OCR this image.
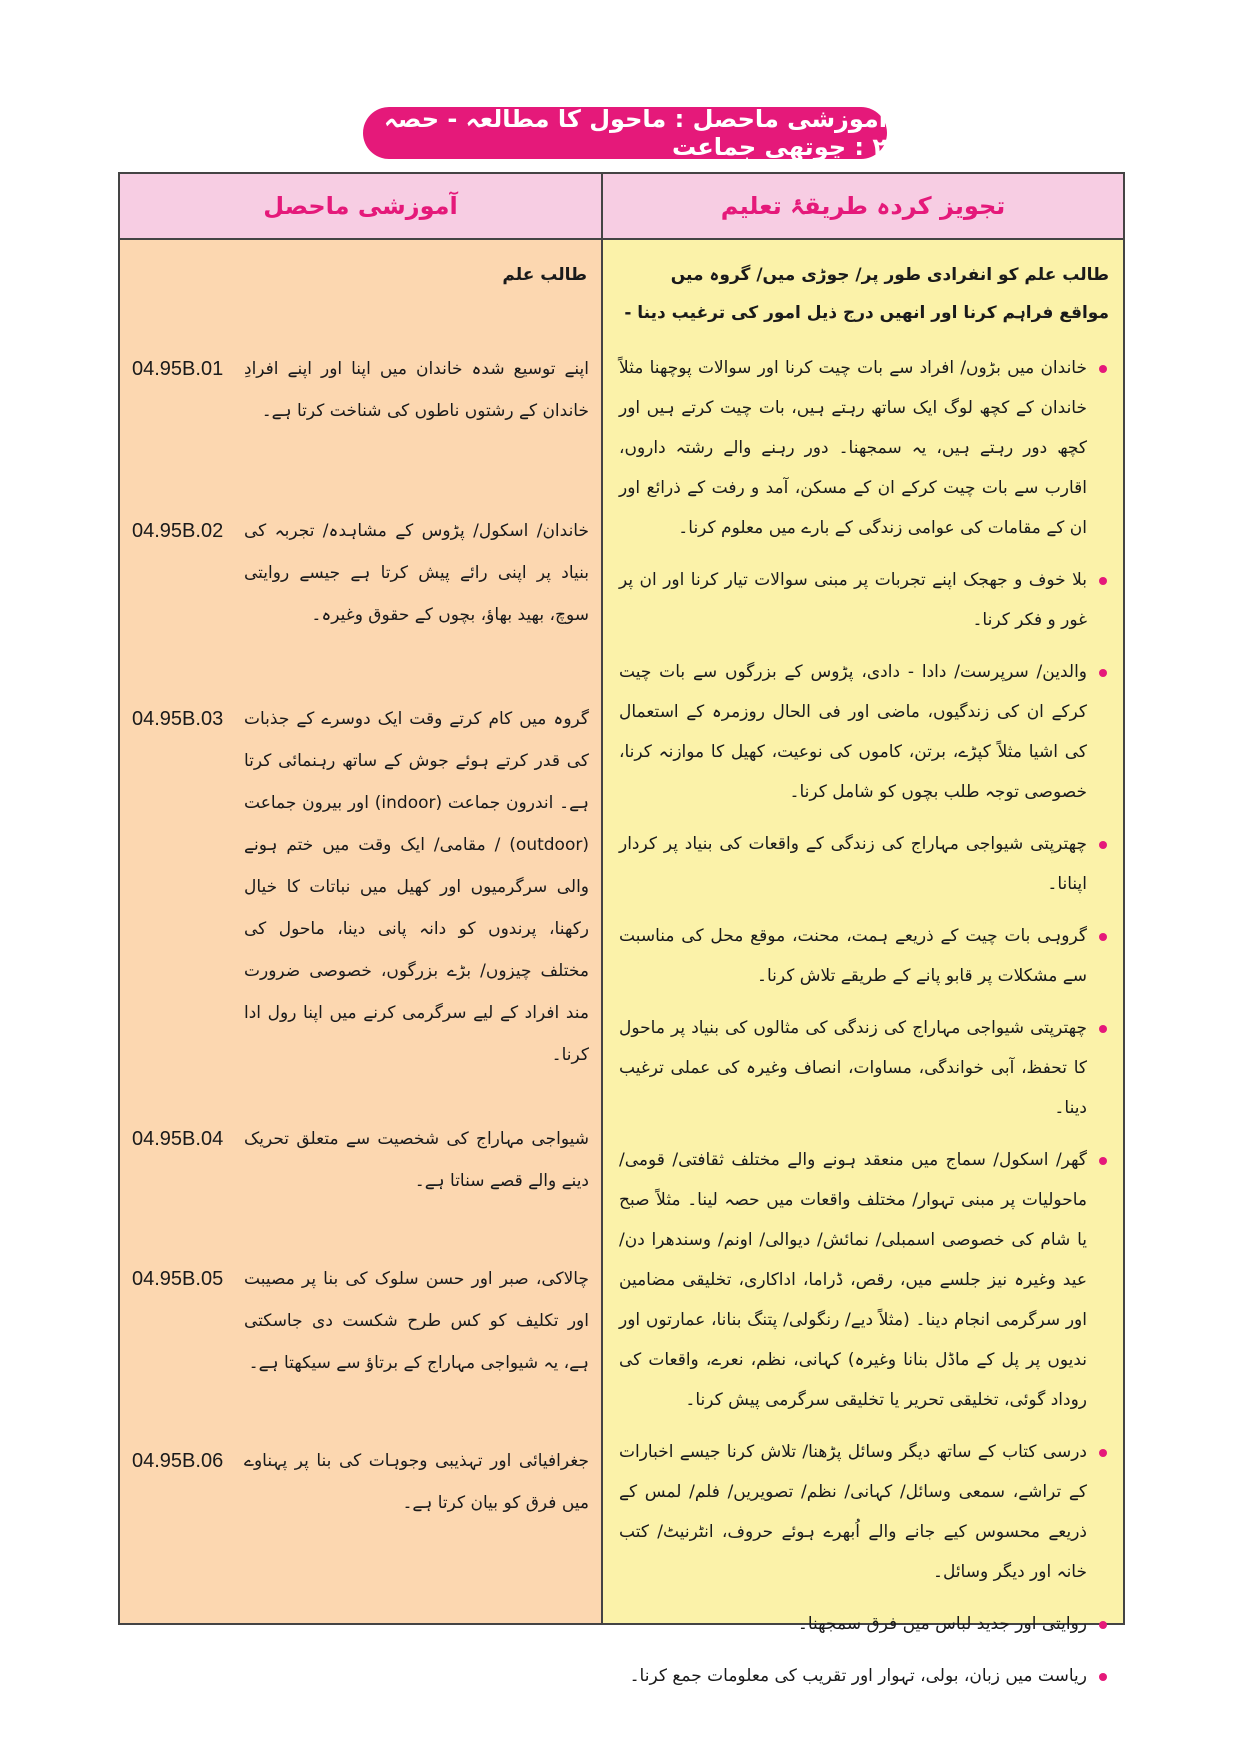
آموزشی ماحصل : ماحول کا مطالعہ - حصہ ۲ : چوتھی جماعت
آموزشی ماحصل
طالب علم
اپنے توسیع شدہ خاندان میں اپنا اور اپنے افرادِ خاندان کے رشتوں ناطوں کی شناخت کرتا ہے۔
04.95B.01
خاندان/ اسکول/ پڑوس کے مشاہدہ/ تجربہ کی بنیاد پر اپنی رائے پیش کرتا ہے جیسے روایتی سوچ، بھید بھاؤ، بچوں کے حقوق وغیرہ۔
04.95B.02
گروہ میں کام کرتے وقت ایک دوسرے کے جذبات کی قدر کرتے ہوئے جوش کے ساتھ رہنمائی کرتا ہے۔ اندرون جماعت (indoor) اور بیرون جماعت (outdoor) / مقامی/ ایک وقت میں ختم ہونے والی سرگرمیوں اور کھیل میں نباتات کا خیال رکھنا، پرندوں کو دانہ پانی دینا، ماحول کی مختلف چیزوں/ بڑے بزرگوں، خصوصی ضرورت مند افراد کے لیے سرگرمی کرنے میں اپنا رول ادا کرنا۔
04.95B.03
شیواجی مہاراج کی شخصیت سے متعلق تحریک دینے والے قصے سناتا ہے۔
04.95B.04
چالاکی، صبر اور حسن سلوک کی بنا پر مصیبت اور تکلیف کو کس طرح شکست دی جاسکتی ہے، یہ شیواجی مہاراج کے برتاؤ سے سیکھتا ہے۔
04.95B.05
جغرافیائی اور تہذیبی وجوہات کی بنا پر پہناوے میں فرق کو بیان کرتا ہے۔
04.95B.06
تجویز کردہ طریقۂ تعلیم
طالب علم کو انفرادی طور پر/ جوڑی میں/ گروہ میں مواقع فراہم کرنا اور انھیں درج ذیل امور کی ترغیب دینا -
خاندان میں بڑوں/ افراد سے بات چیت کرنا اور سوالات پوچھنا مثلاً خاندان کے کچھ لوگ ایک ساتھ رہتے ہیں، بات چیت کرتے ہیں اور کچھ دور رہتے ہیں، یہ سمجھنا۔ دور رہنے والے رشتہ داروں، اقارب سے بات چیت کرکے ان کے مسکن، آمد و رفت کے ذرائع اور ان کے مقامات کی عوامی زندگی کے بارے میں معلوم کرنا۔
بلا خوف و جھجک اپنے تجربات پر مبنی سوالات تیار کرنا اور ان پر غور و فکر کرنا۔
والدین/ سرپرست/ دادا - دادی، پڑوس کے بزرگوں سے بات چیت کرکے ان کی زندگیوں، ماضی اور فی الحال روزمرہ کے استعمال کی اشیا مثلاً کپڑے، برتن، کاموں کی نوعیت، کھیل کا موازنہ کرنا، خصوصی توجہ طلب بچوں کو شامل کرنا۔
چھترپتی شیواجی مہاراج کی زندگی کے واقعات کی بنیاد پر کردار اپنانا۔
گروہی بات چیت کے ذریعے ہمت، محنت، موقع محل کی مناسبت سے مشکلات پر قابو پانے کے طریقے تلاش کرنا۔
چھترپتی شیواجی مہاراج کی زندگی کی مثالوں کی بنیاد پر ماحول کا تحفظ، آبی خواندگی، مساوات، انصاف وغیرہ کی عملی ترغیب دینا۔
گھر/ اسکول/ سماج میں منعقد ہونے والے مختلف ثقافتی/ قومی/ ماحولیات پر مبنی تہوار/ مختلف واقعات میں حصہ لینا۔ مثلاً صبح یا شام کی خصوصی اسمبلی/ نمائش/ دیوالی/ اونم/ وسندھرا دن/ عید وغیرہ نیز جلسے میں، رقص، ڈراما، اداکاری، تخلیقی مضامین اور سرگرمی انجام دینا۔ (مثلاً دیے/ رنگولی/ پتنگ بنانا، عمارتوں اور ندیوں پر پل کے ماڈل بنانا وغیرہ) کہانی، نظم، نعرے، واقعات کی روداد گوئی، تخلیقی تحریر یا تخلیقی سرگرمی پیش کرنا۔
درسی کتاب کے ساتھ دیگر وسائل پڑھنا/ تلاش کرنا جیسے اخبارات کے تراشے، سمعی وسائل/ کہانی/ نظم/ تصویریں/ فلم/ لمس کے ذریعے محسوس کیے جانے والے اُبھرے ہوئے حروف، انٹرنیٹ/ کتب خانہ اور دیگر وسائل۔
روایتی اور جدید لباس میں فرق سمجھنا۔
ریاست میں زبان، بولی، تہوار اور تقریب کی معلومات جمع کرنا۔
